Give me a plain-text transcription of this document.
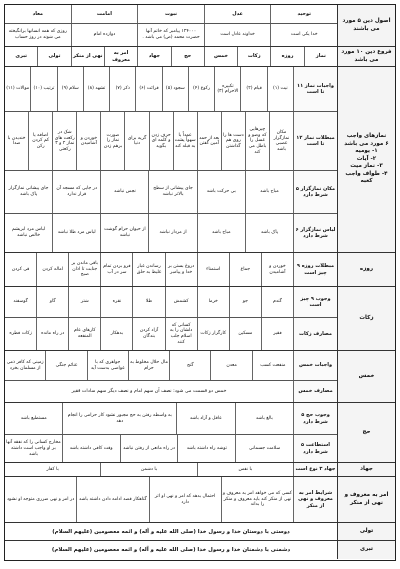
اصول دین ۵ مورد می باشند
توحید
عدل
نبوت
امامت
معاد
خدا یکی است
خداوند عادل است
۱۲۴۰۰۰ پیامبر که خاتم آنها حضرت محمد (ص) می باشد .
دوازده امام
روزی که همه انسانها برانگیخته می شوند در روز حساب
فروع دین ۱۰ مورد می باشد
نماز
روزه
زکات
خمس
حج
جهاد
امر به معروف
نهی از منکر
تولی
تبری
نمازهای واجب
۶ مورد می باشد
۱- یومیه
۲- آیات
۳- نماز میت
۴- طواف واجب کعبه
واجبات نماز ۱۱ تا است
نیت (۱)
قیام (۲)
تکبیره الاحرام (۳)
رکوع (۴)
سجود (۵)
قرائت (۶)
ذکر (۷)
تشهد (۸)
سلام (۹)
ترتیب (۱۰)
موالات (۱۱)
مبطلات نماز ۱۲ تا است
مکان نمازگزار غصبی باشد
چیزهایی که وضو و غسل را باطل می کند
دست ها را روی هم گذاشتن
بعد از حمد آمین گفتن
عمداً یا سهواً پشت به قبله کند
حرف زدن و کلمه ای بگوید
گریه برای دنیا
صورت نماز را برهم زدن
خوردن و آشامیدن
شک در رکعت های نماز ۲ و ۳ رکعتی
اضافه یا کم کردن رکن
خندیدن با صدا
مکان نمازگزار ۵ شرط دارد
مباح باشد
بی حرکت باشد
جای پیشانی از سطح بالاتر نباشد
نجس نباشد
در جایی که مسجد آن قرار ندارد
جای پیشانی نمازگزار پاک باشد
لباس نمازگزار ۶ شرط دارد
پاک باشد
مباح باشد
از مردار نباشد
از حیوان حرام گوشت نباشد
لباس مرد طلا نباشد
لباس مرد ابریشم خالص نباشد
روزه
مبطلات روزه ۹ چیز است
خوردن و آشامیدن
جماع
استمناء
دروغ بستن بر خدا و پیامبر
رساندن غبار غلیظ به حلق
فرو بردن تمام سر در آب
باقی ماندن بر جنابت تا اذان صبح
اماله کردن
قی کردن
زکات
وجوب ۹ چیز است
گندم
جو
خرما
کشمش
طلا
نقره
شتر
گاو
گوسفند
مصارف زکات
فقیر
مسکین
کارگزار زکات
کسانی که دلشان را به اسلام جلب کنند
آزاد کردن بندگان
بدهکار
کارهای عام المنفعه
در راه مانده
زکات فطره
خمس
واجبات خمس
منفعت کسب
معدن
گنج
مال حلال مخلوط به حرام
جواهری که با غواصی بدست آید
غنائم جنگی
زمینی که کافر ذمی از مسلمان بخرد
مصارف خمس
خمس دو قسمت می شود: نصف آن سهم امام و نصف دیگر سهم سادات فقیر
حج
وجوب حج ۵ شرط دارد
بالغ باشد
عاقل و آزاد باشد
به واسطه رفتن به حج مجبور نشود کار حرامی را انجام دهد
مستطیع باشد
استطاعت ۵ شرط دارد
سلامت جسمانی
توشه راه داشته باشد
در راه مانعی از رفتن نباشد
وقت کافی داشته باشد
مخارج کسانی را که نفقه آنها بر او واجب است داشته باشد
جهاد
جهاد ۳ نوع است
با نفس
با دشمن
با کفار
امر به معروف و نهی از منکر
شرایط امر به معروف و نهی از منکر
کسی که می خواهد امر به معروف و نهی از منکر کند باید معروف و منکر را بداند
احتمال بدهد که امر و نهی او اثر دارد
گناهکار قصد ادامه دادن داشته باشد
در امر و نهی ضرری متوجه او نشود
تولی
دوستی با دوستان خدا و رسول خدا (صلی الله علیه و آله) و ائمه معصومین (علیهم السلام)
تبری
دشمنی با دشمنان خدا و رسول خدا (صلی الله علیه و آله) و ائمه معصومین (علیهم السلام)
